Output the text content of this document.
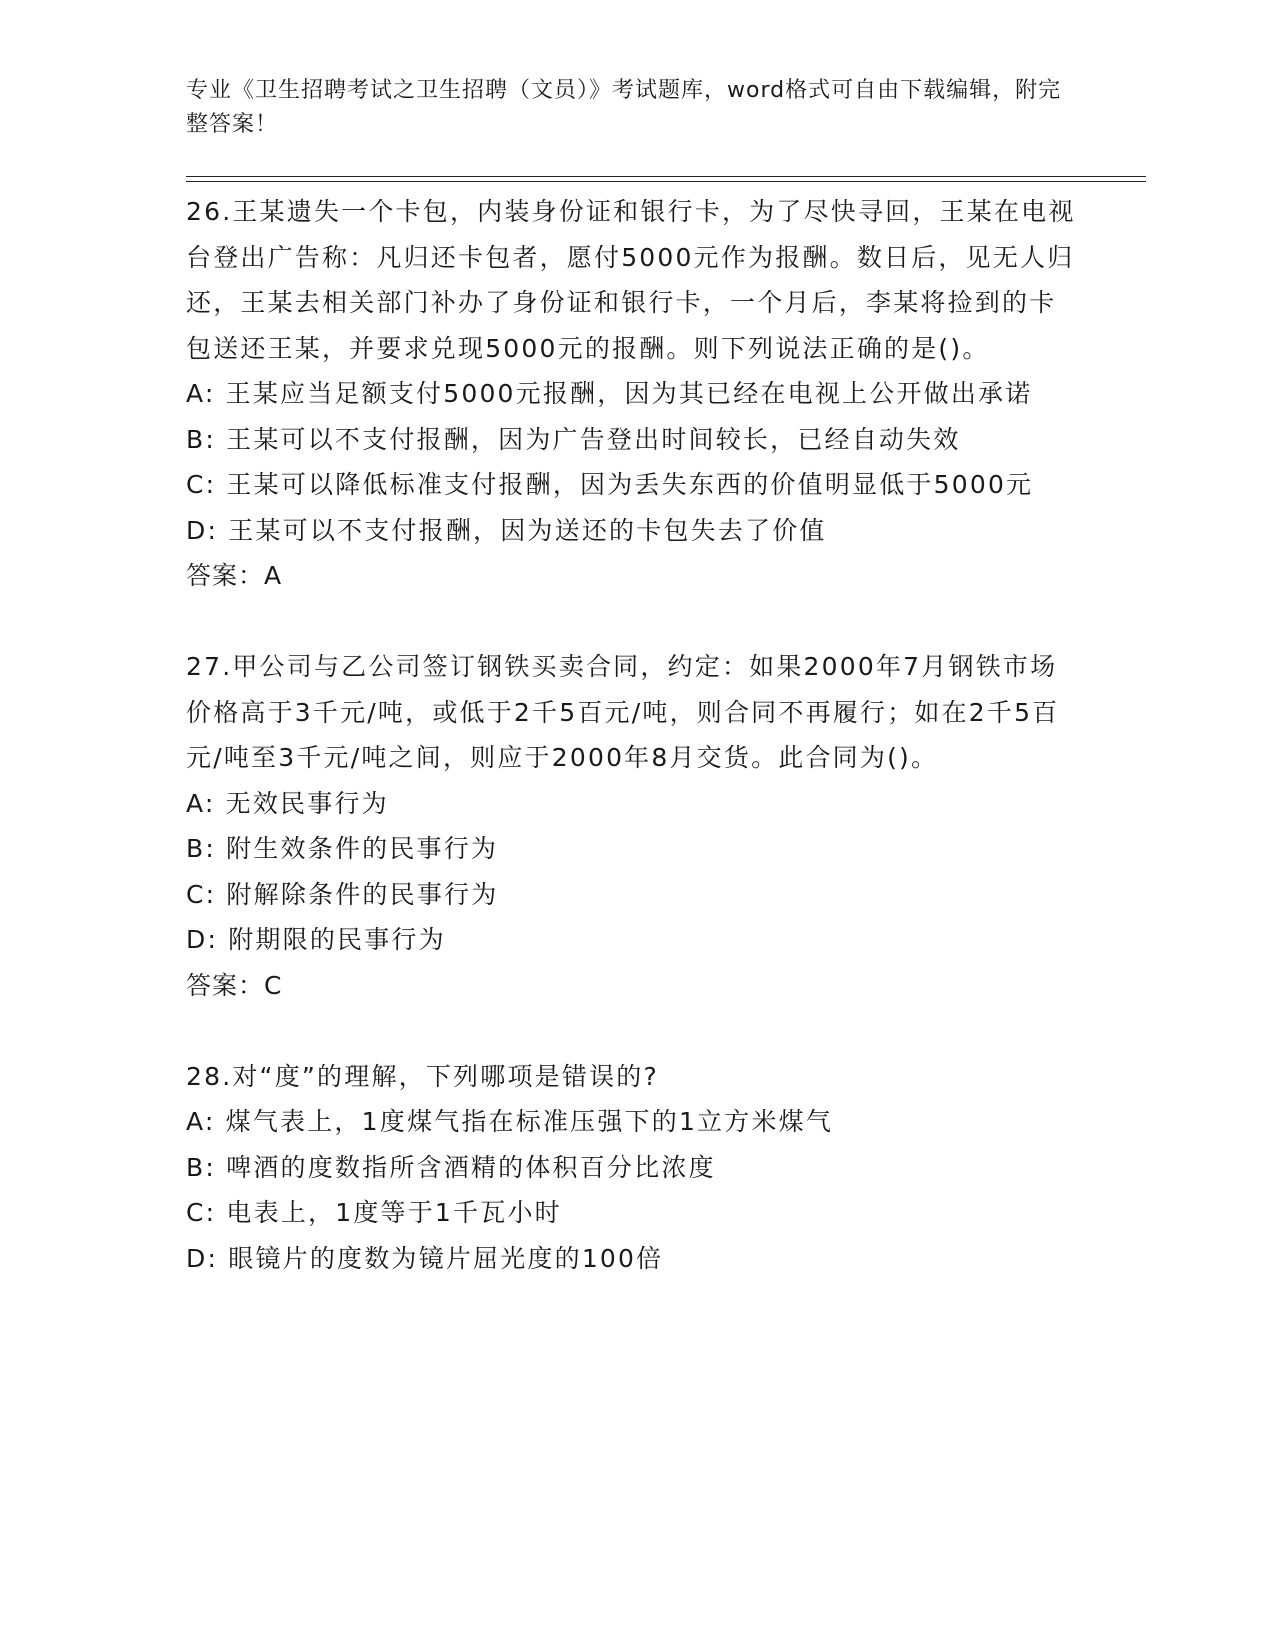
专业《卫生招聘考试之卫生招聘（文员）》考试题库，word格式可自由下载编辑，附完整答案！
26.王某遗失一个卡包，内装身份证和银行卡，为了尽快寻回，王某在电视台登出广告称：凡归还卡包者，愿付5000元作为报酬。数日后，见无人归还，王某去相关部门补办了身份证和银行卡，一个月后，李某将捡到的卡包送还王某，并要求兑现5000元的报酬。则下列说法正确的是()。
A: 王某应当足额支付5000元报酬，因为其已经在电视上公开做出承诺
B: 王某可以不支付报酬，因为广告登出时间较长，已经自动失效
C: 王某可以降低标准支付报酬，因为丢失东西的价值明显低于5000元
D: 王某可以不支付报酬，因为送还的卡包失去了价值
答案：A
27.甲公司与乙公司签订钢铁买卖合同，约定：如果2000年7月钢铁市场价格高于3千元/吨，或低于2千5百元/吨，则合同不再履行；如在2千5百元/吨至3千元/吨之间，则应于2000年8月交货。此合同为()。
A: 无效民事行为
B: 附生效条件的民事行为
C: 附解除条件的民事行为
D: 附期限的民事行为
答案：C
28.对“度”的理解，下列哪项是错误的?
A: 煤气表上，1度煤气指在标准压强下的1立方米煤气
B: 啤酒的度数指所含酒精的体积百分比浓度
C: 电表上，1度等于1千瓦小时
D: 眼镜片的度数为镜片屈光度的100倍
